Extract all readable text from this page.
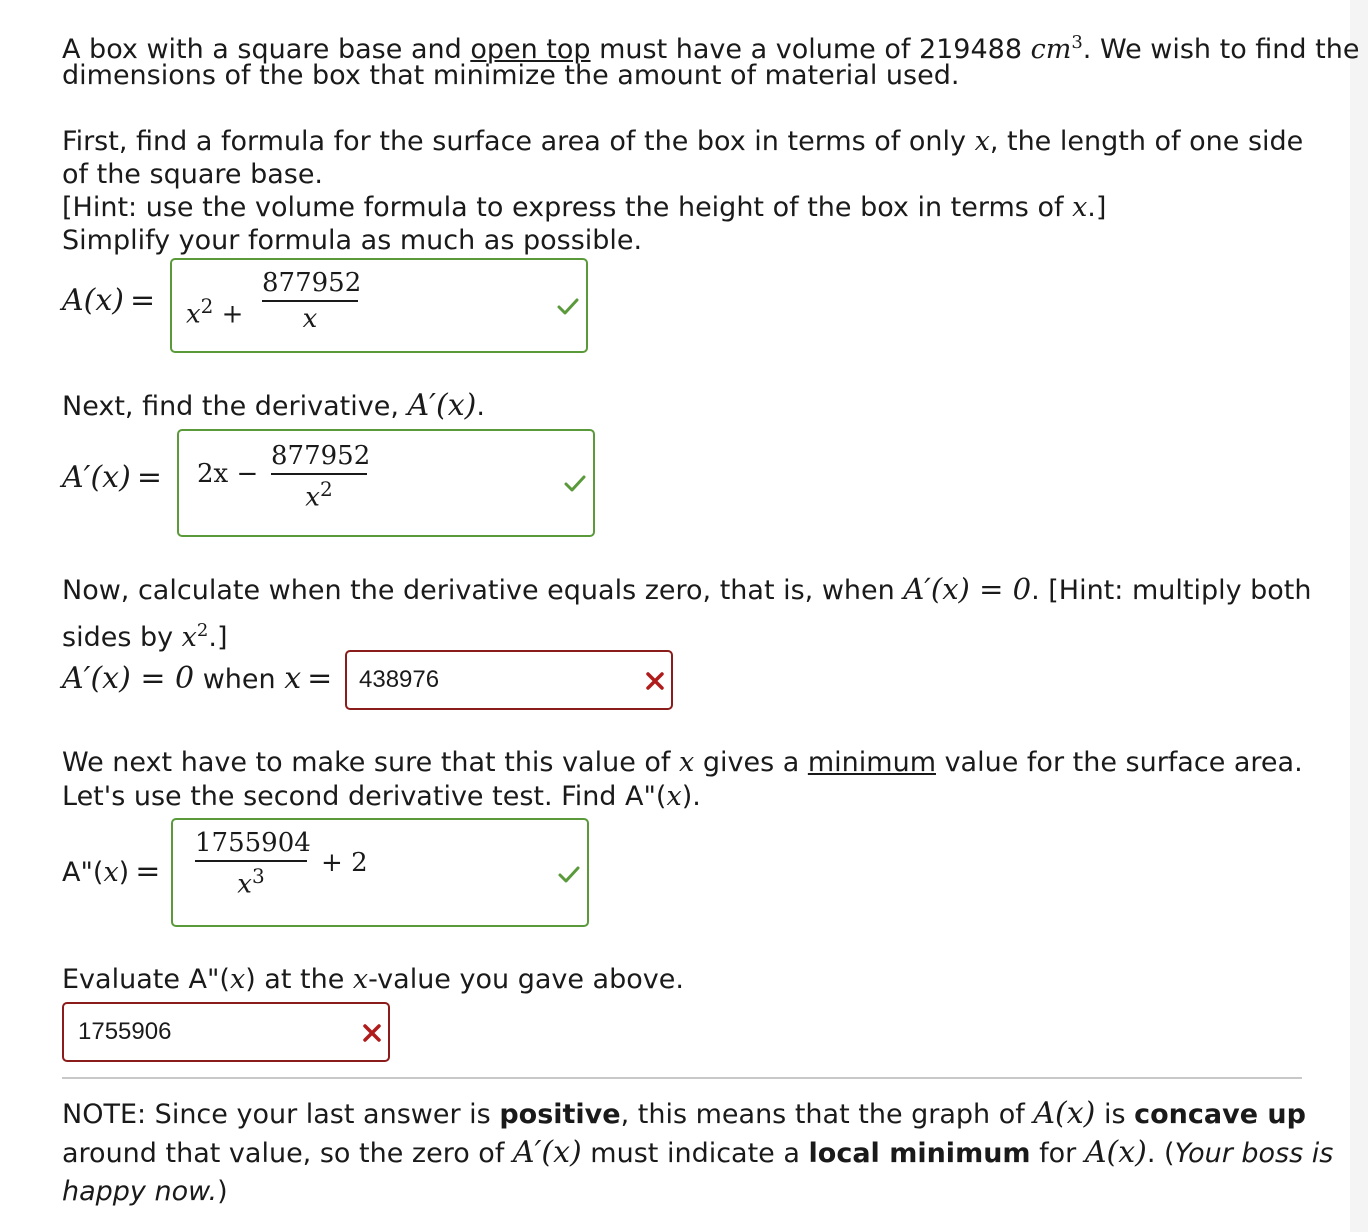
A box with a square base and open top must have a volume of 219488 $cm^3$. We wish to find the
dimensions of the box that minimize the amount of material used.
First, find a formula for the surface area of the box in terms of only x, the length of one side
of the square base.
[Hint: use the volume formula to express the height of the box in terms of x.]
Simplify your formula as much as possible.
$A(x) = x^2$ +
877952
x
Next, find the derivative, A′(x).
A′(x) = 2x −
877952
$x^2$
Now, calculate when the derivative equals zero, that is, when A′(x) = 0. [Hint: multiply both
sides by $x^2$.]
A′(x) = 0 when x = 438976
We next have to make sure that this value of x gives a minimum value for the surface area.
Let's use the second derivative test. Find A"(x).
A"(x) =
1755904
$x^3$	+ 2
Evaluate A"(x) at the x-value you gave above.
1755906
NOTE: Since your last answer is positive, this means that the graph of A(x) is concave up
around that value, so the zero of A′(x) must indicate a local minimum for A(x). (Your boss is
happy now.)
